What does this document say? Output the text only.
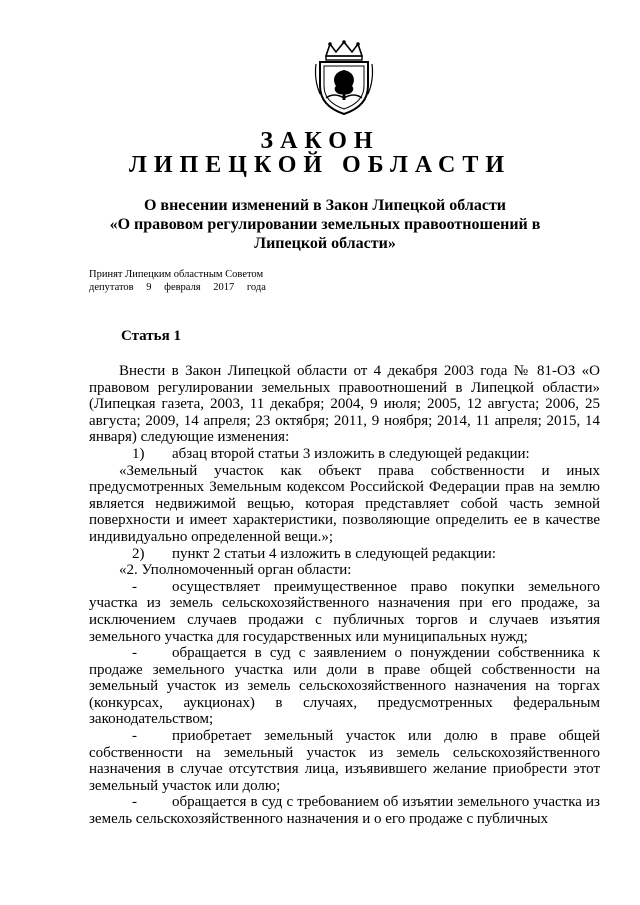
ЗАКОН
ЛИПЕЦКОЙ ОБЛАСТИ
О внесении изменений в Закон Липецкой области
«О правовом регулировании земельных правоотношений в
Липецкой области»
Принят Липецким областным Советом
депутатов 9 февраля 2017 года
Статья 1

Внести в Закон Липецкой области от 4 декабря 2003 года № 81-ОЗ «О правовом регулировании земельных правоотношений в Липецкой области» (Липецкая газета, 2003, 11 декабря; 2004, 9 июля; 2005, 12 августа; 2006, 25 августа; 2009, 14 апреля; 23 октября; 2011, 9 ноября; 2014, 11 апреля; 2015, 14 января) следующие изменения:

1) абзац второй статьи 3 изложить в следующей редакции:

«Земельный участок как объект права собственности и иных предусмотренных Земельным кодексом Российской Федерации прав на землю является недвижимой вещью, которая представляет собой часть земной поверхности и имеет характеристики, позволяющие определить ее в качестве индивидуально определенной вещи.»;

2) пункт 2 статьи 4 изложить в следующей редакции:

«2. Уполномоченный орган области:

- осуществляет преимущественное право покупки земельного участка из земель сельскохозяйственного назначения при его продаже, за исключением случаев продажи с публичных торгов и случаев изъятия земельного участка для государственных или муниципальных нужд;

- обращается в суд с заявлением о понуждении собственника к продаже земельного участка или доли в праве общей собственности на земельный участок из земель сельскохозяйственного назначения на торгах (конкурсах, аукционах) в случаях, предусмотренных федеральным законодательством;

- приобретает земельный участок или долю в праве общей собственности на земельный участок из земель сельскохозяйственного назначения в случае отсутствия лица, изъявившего желание приобрести этот земельный участок или долю;

- обращается в суд с требованием об изъятии земельного участка из земель сельскохозяйственного назначения и о его продаже с публичных
